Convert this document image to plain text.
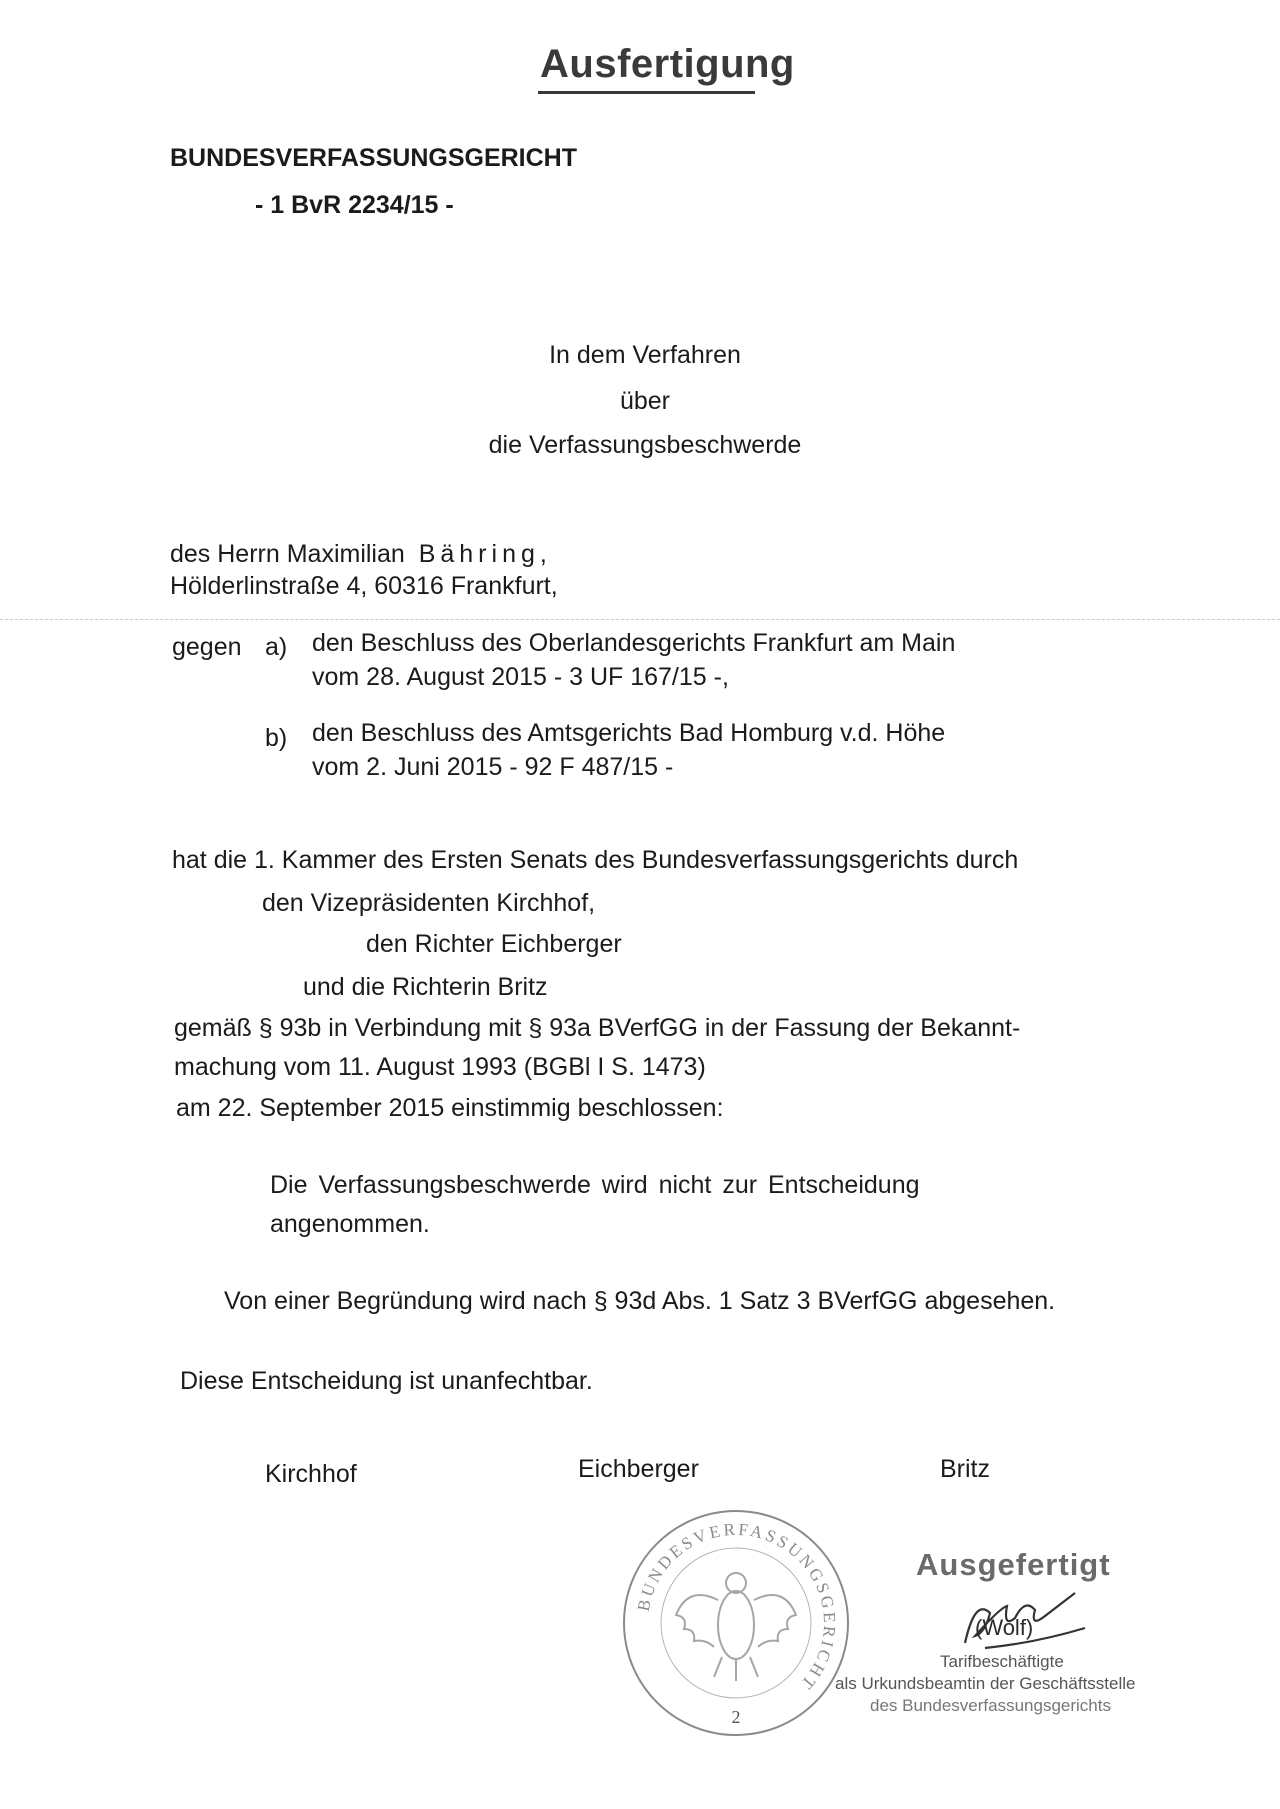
Ausfertigung
BUNDESVERFASSUNGSGERICHT
- 1 BvR 2234/15 -
In dem Verfahren
über
die Verfassungsbeschwerde
des Herrn Maximilian Bähring,
Hölderlinstraße 4, 60316 Frankfurt,
gegen a) den Beschluss des Oberlandesgerichts Frankfurt am Main
vom 28. August 2015 - 3 UF 167/15 -,
b) den Beschluss des Amtsgerichts Bad Homburg v.d. Höhe
vom 2. Juni 2015 - 92 F 487/15 -
hat die 1. Kammer des Ersten Senats des Bundesverfassungsgerichts durch
den Vizepräsidenten Kirchhof,
den Richter Eichberger
und die Richterin Britz
gemäß § 93b in Verbindung mit § 93a BVerfGG in der Fassung der Bekannt-
machung vom 11. August 1993 (BGBl I S. 1473)
am 22. September 2015 einstimmig beschlossen:
Die Verfassungsbeschwerde wird nicht zur Entscheidung
angenommen.
Von einer Begründung wird nach § 93d Abs. 1 Satz 3 BVerfGG abgesehen.
Diese Entscheidung ist unanfechtbar.
Kirchhof	Eichberger	Britz
BUNDESVERFASSUNGSGERICHT
2
Ausgefertigt
(Wolf)
Tarifbeschäftigte
als Urkundsbeamtin der Geschäftsstelle
des Bundesverfassungsgerichts
